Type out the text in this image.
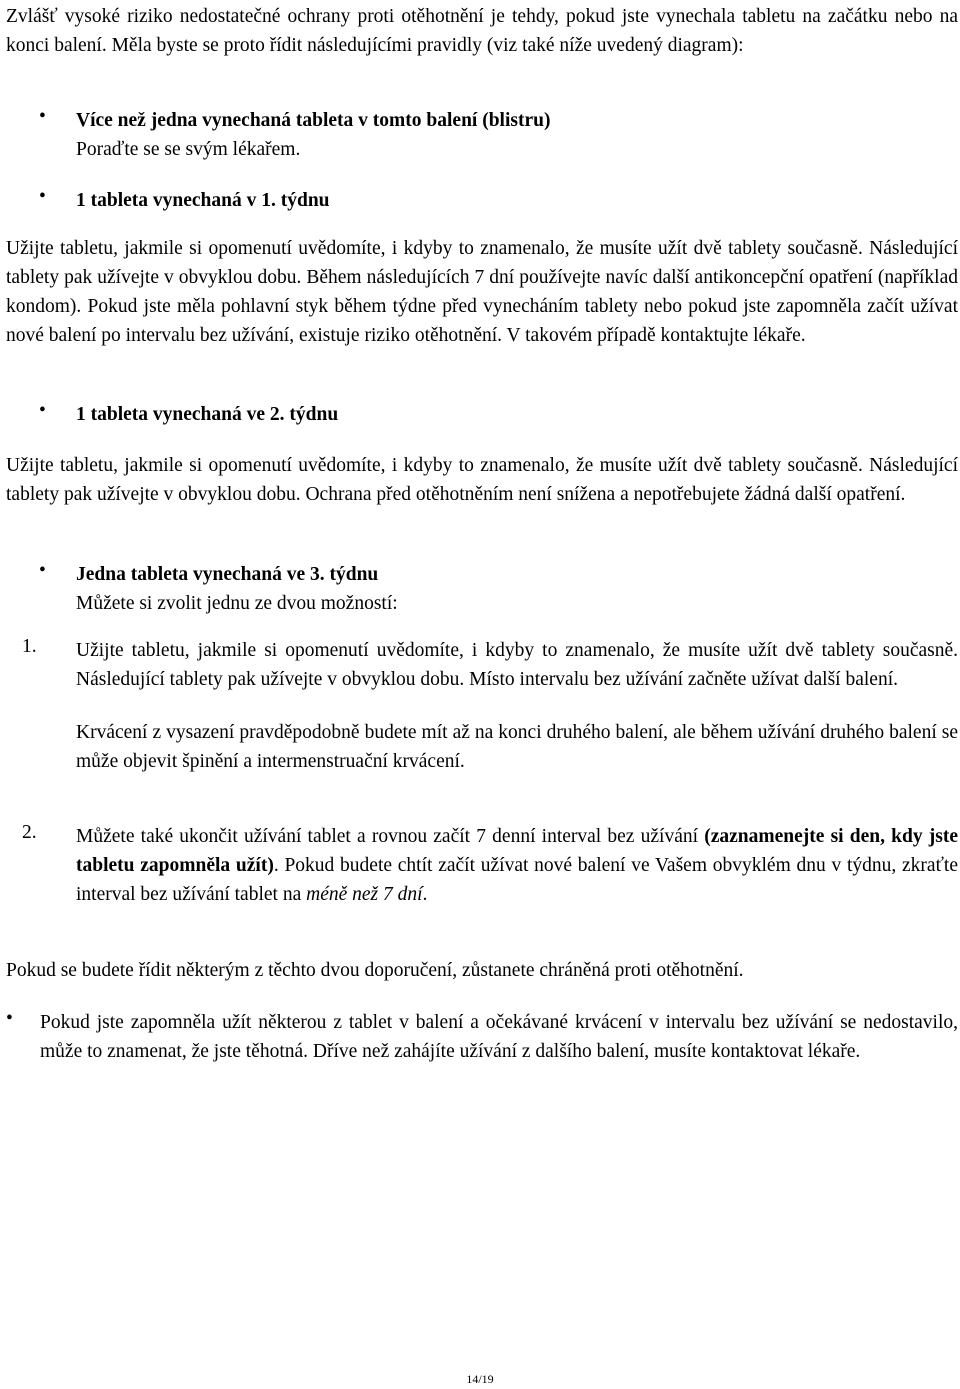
Zvlášť vysoké riziko nedostatečné ochrany proti otěhotnění je tehdy, pokud jste vynechala tabletu na začátku nebo na konci balení. Měla byste se proto řídit následujícími pravidly (viz také níže uvedený diagram):

•	Více než jedna vynechaná tableta v tomto balení (blistru)

Poraďte se se svým lékařem.

•	1 tableta vynechaná v 1. týdnu

Užijte tabletu, jakmile si opomenutí uvědomíte, i kdyby to znamenalo, že musíte užít dvě tablety současně. Následující tablety pak užívejte v obvyklou dobu. Během následujících 7 dní používejte navíc další antikoncepční opatření (například kondom). Pokud jste měla pohlavní styk během týdne před vynecháním tablety nebo pokud jste zapomněla začít užívat nové balení po intervalu bez užívání, existuje riziko otěhotnění. V takovém případě kontaktujte lékaře.

•	1 tableta vynechaná ve 2. týdnu

Užijte tabletu, jakmile si opomenutí uvědomíte, i kdyby to znamenalo, že musíte užít dvě tablety současně. Následující tablety pak užívejte v obvyklou dobu. Ochrana před otěhotněním není snížena a nepotřebujete žádná další opatření.

•	Jedna tableta vynechaná ve 3. týdnu

Můžete si zvolit jednu ze dvou možností:

1. Užijte tabletu, jakmile si opomenutí uvědomíte, i kdyby to znamenalo, že musíte užít dvě tablety současně. Následující tablety pak užívejte v obvyklou dobu. Místo intervalu bez užívání začněte užívat další balení.

Krvácení z vysazení pravděpodobně budete mít až na konci druhého balení, ale během užívání druhého balení se může objevit špinění a intermenstruační krvácení.

2. Můžete také ukončit užívání tablet a rovnou začít 7 denní interval bez užívání (zaznamenejte si den, kdy jste tabletu zapomněla užít). Pokud budete chtít začít užívat nové balení ve Vašem obvyklém dnu v týdnu, zkraťte interval bez užívání tablet na méně než 7 dní.

Pokud se budete řídit některým z těchto dvou doporučení, zůstanete chráněná proti otěhotnění.

•	Pokud jste zapomněla užít některou z tablet v balení a očekávané krvácení v intervalu bez užívání se nedostavilo, může to znamenat, že jste těhotná. Dříve než zahájíte užívání z dalšího balení, musíte kontaktovat lékaře.

14/19
